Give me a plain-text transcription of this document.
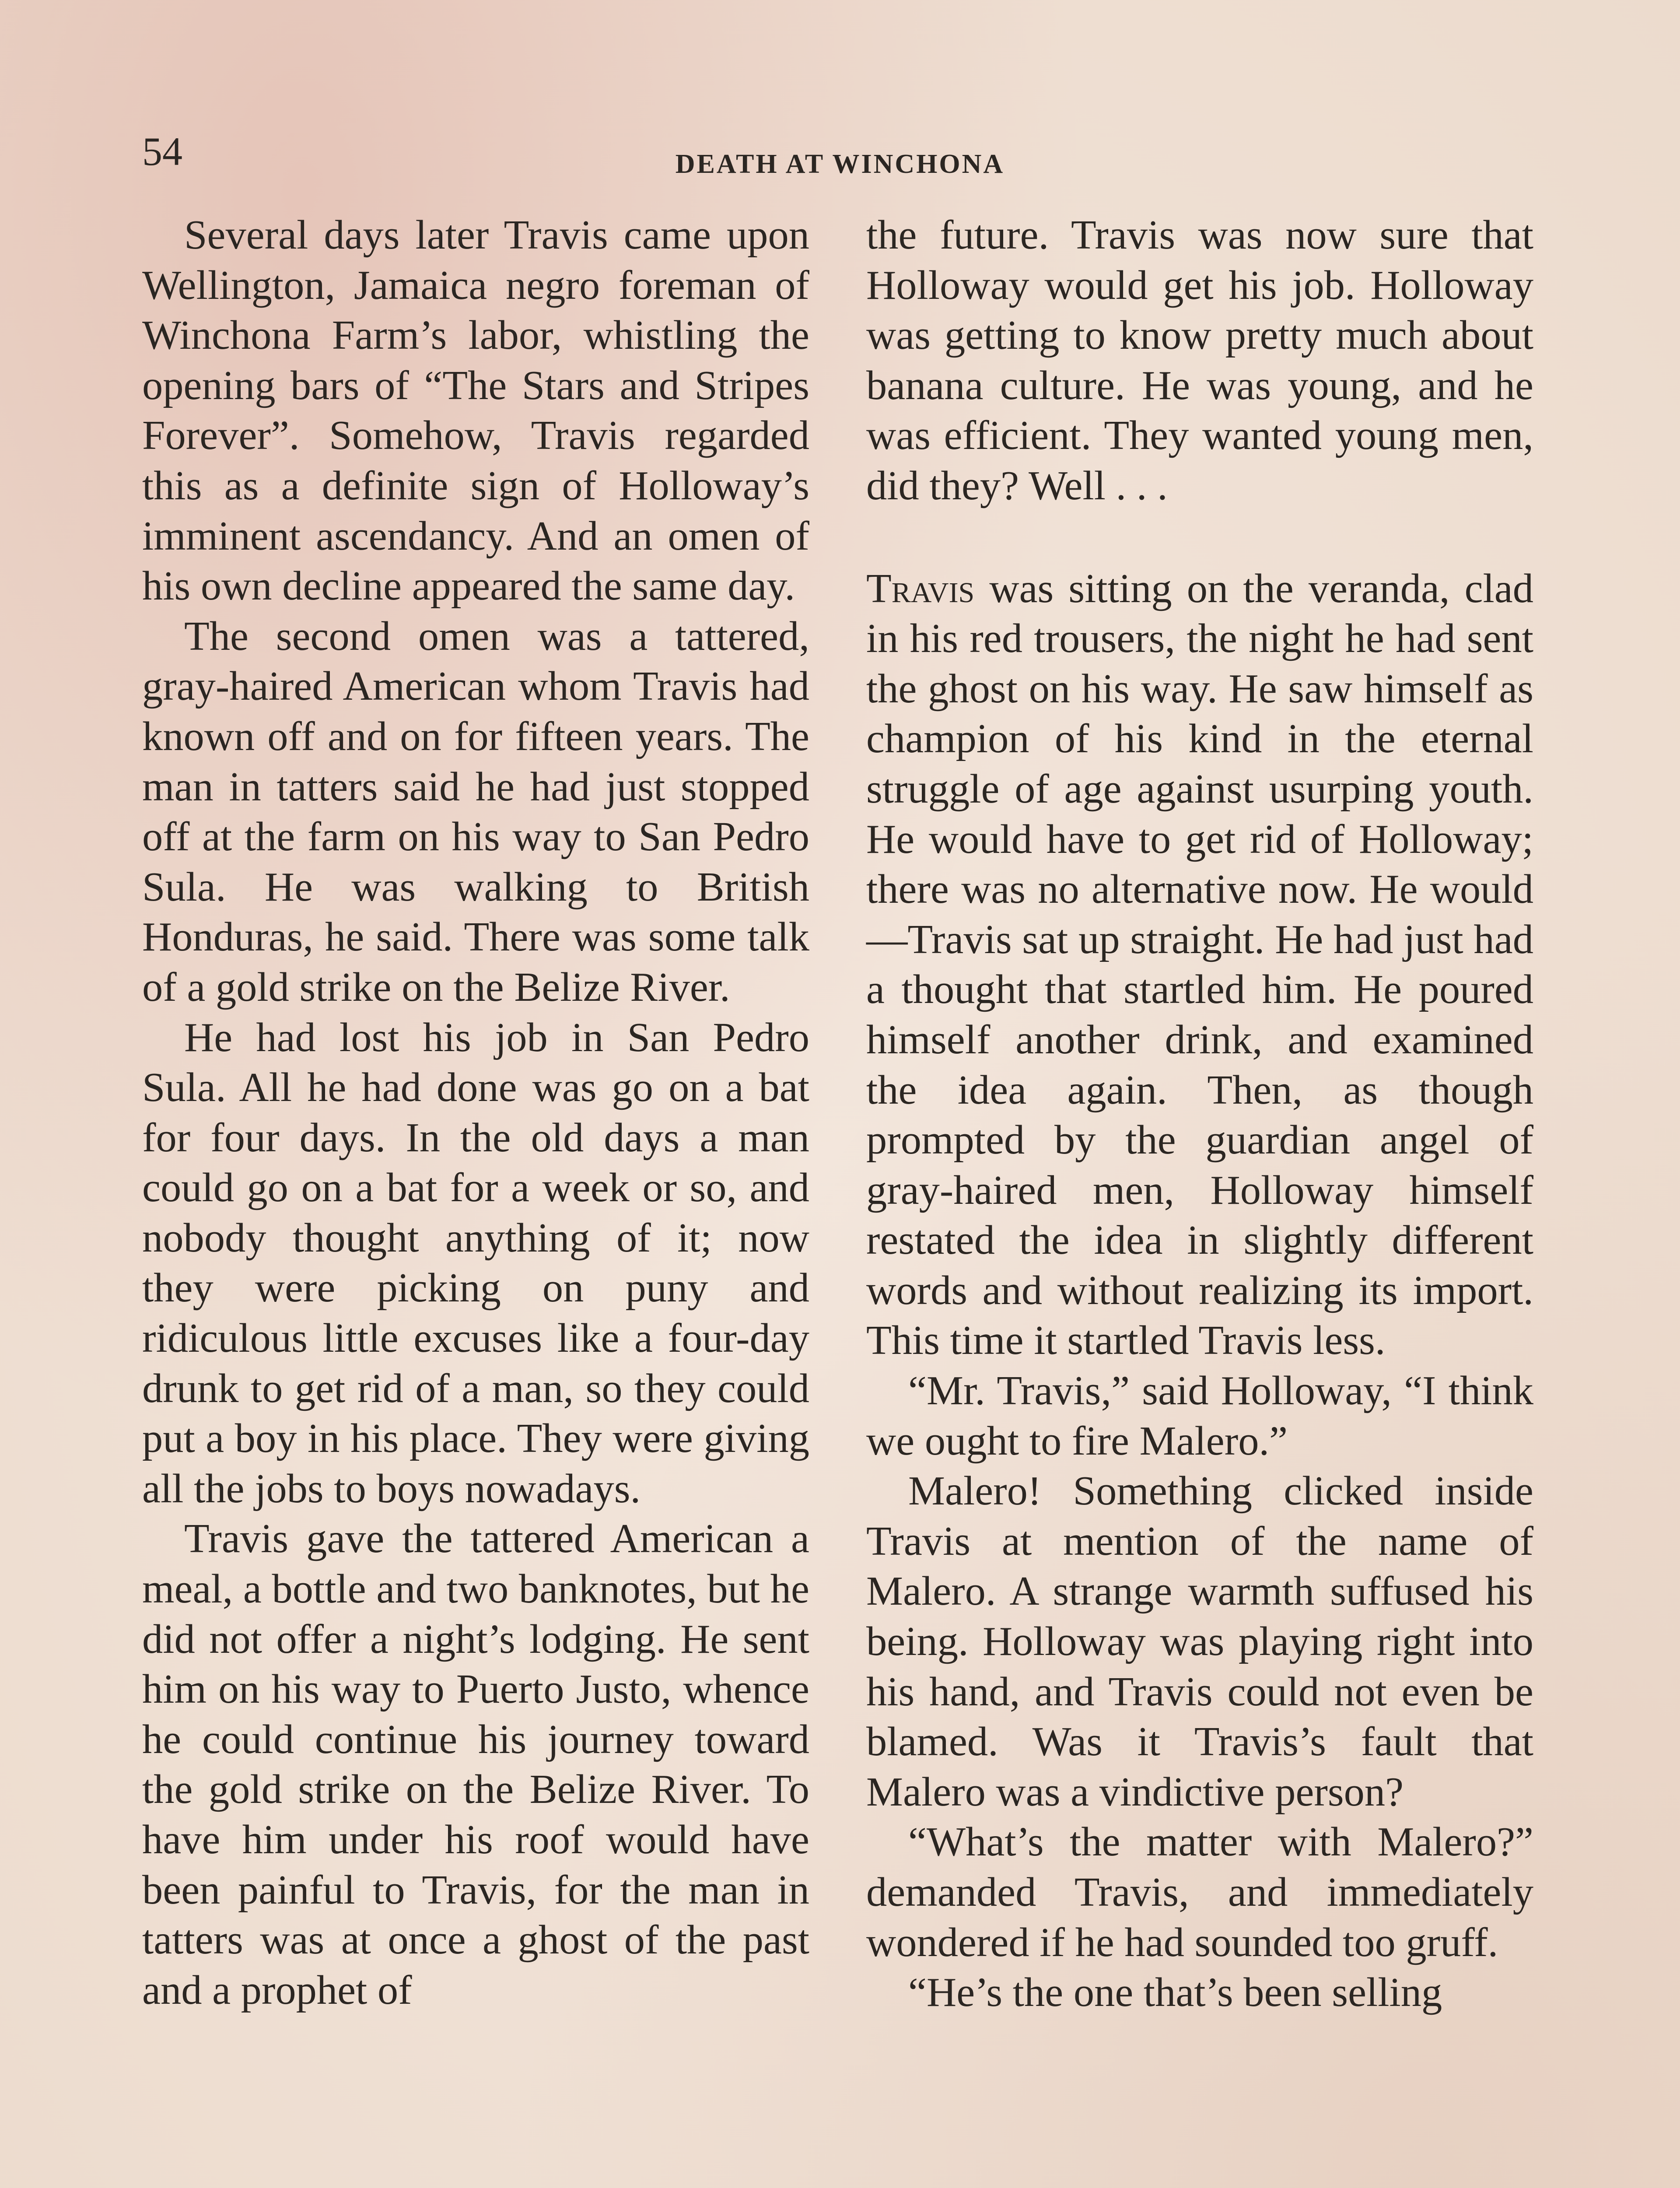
54	DEATH AT WINCHONA

Several days later Travis came upon Wellington, Jamaica negro foreman of Winchona Farm’s labor, whistling the opening bars of “The Stars and Stripes Forever”. Somehow, Travis regarded this as a definite sign of Holloway’s imminent ascendancy. And an omen of his own decline appeared the same day.

The second omen was a tattered, gray-haired American whom Travis had known off and on for fifteen years. The man in tatters said he had just stopped off at the farm on his way to San Pedro Sula. He was walking to British Honduras, he said. There was some talk of a gold strike on the Belize River.

He had lost his job in San Pedro Sula. All he had done was go on a bat for four days. In the old days a man could go on a bat for a week or so, and nobody thought anything of it; now they were picking on puny and ridiculous little excuses like a four-day drunk to get rid of a man, so they could put a boy in his place. They were giving all the jobs to boys nowadays.

Travis gave the tattered American a meal, a bottle and two banknotes, but he did not offer a night’s lodging. He sent him on his way to Puerto Justo, whence he could continue his journey toward the gold strike on the Belize River. To have him under his roof would have been painful to Travis, for the man in tatters was at once a ghost of the past and a prophet of

the future. Travis was now sure that Holloway would get his job. Holloway was getting to know pretty much about banana culture. He was young, and he was efficient. They wanted young men, did they? Well . . .

Travis was sitting on the veranda, clad in his red trousers, the night he had sent the ghost on his way. He saw himself as champion of his kind in the eternal struggle of age against usurping youth. He would have to get rid of Holloway; there was no alternative now. He would —Travis sat up straight. He had just had a thought that startled him. He poured himself another drink, and examined the idea again. Then, as though prompted by the guardian angel of gray-haired men, Holloway himself restated the idea in slightly different words and without realizing its import. This time it startled Travis less.

“Mr. Travis,” said Holloway, “I think we ought to fire Malero.”

Malero! Something clicked inside Travis at mention of the name of Malero. A strange warmth suffused his being. Holloway was playing right into his hand, and Travis could not even be blamed. Was it Travis’s fault that Malero was a vindictive person?

“What’s the matter with Malero?” demanded Travis, and immediately wondered if he had sounded too gruff.

“He’s the one that’s been selling
